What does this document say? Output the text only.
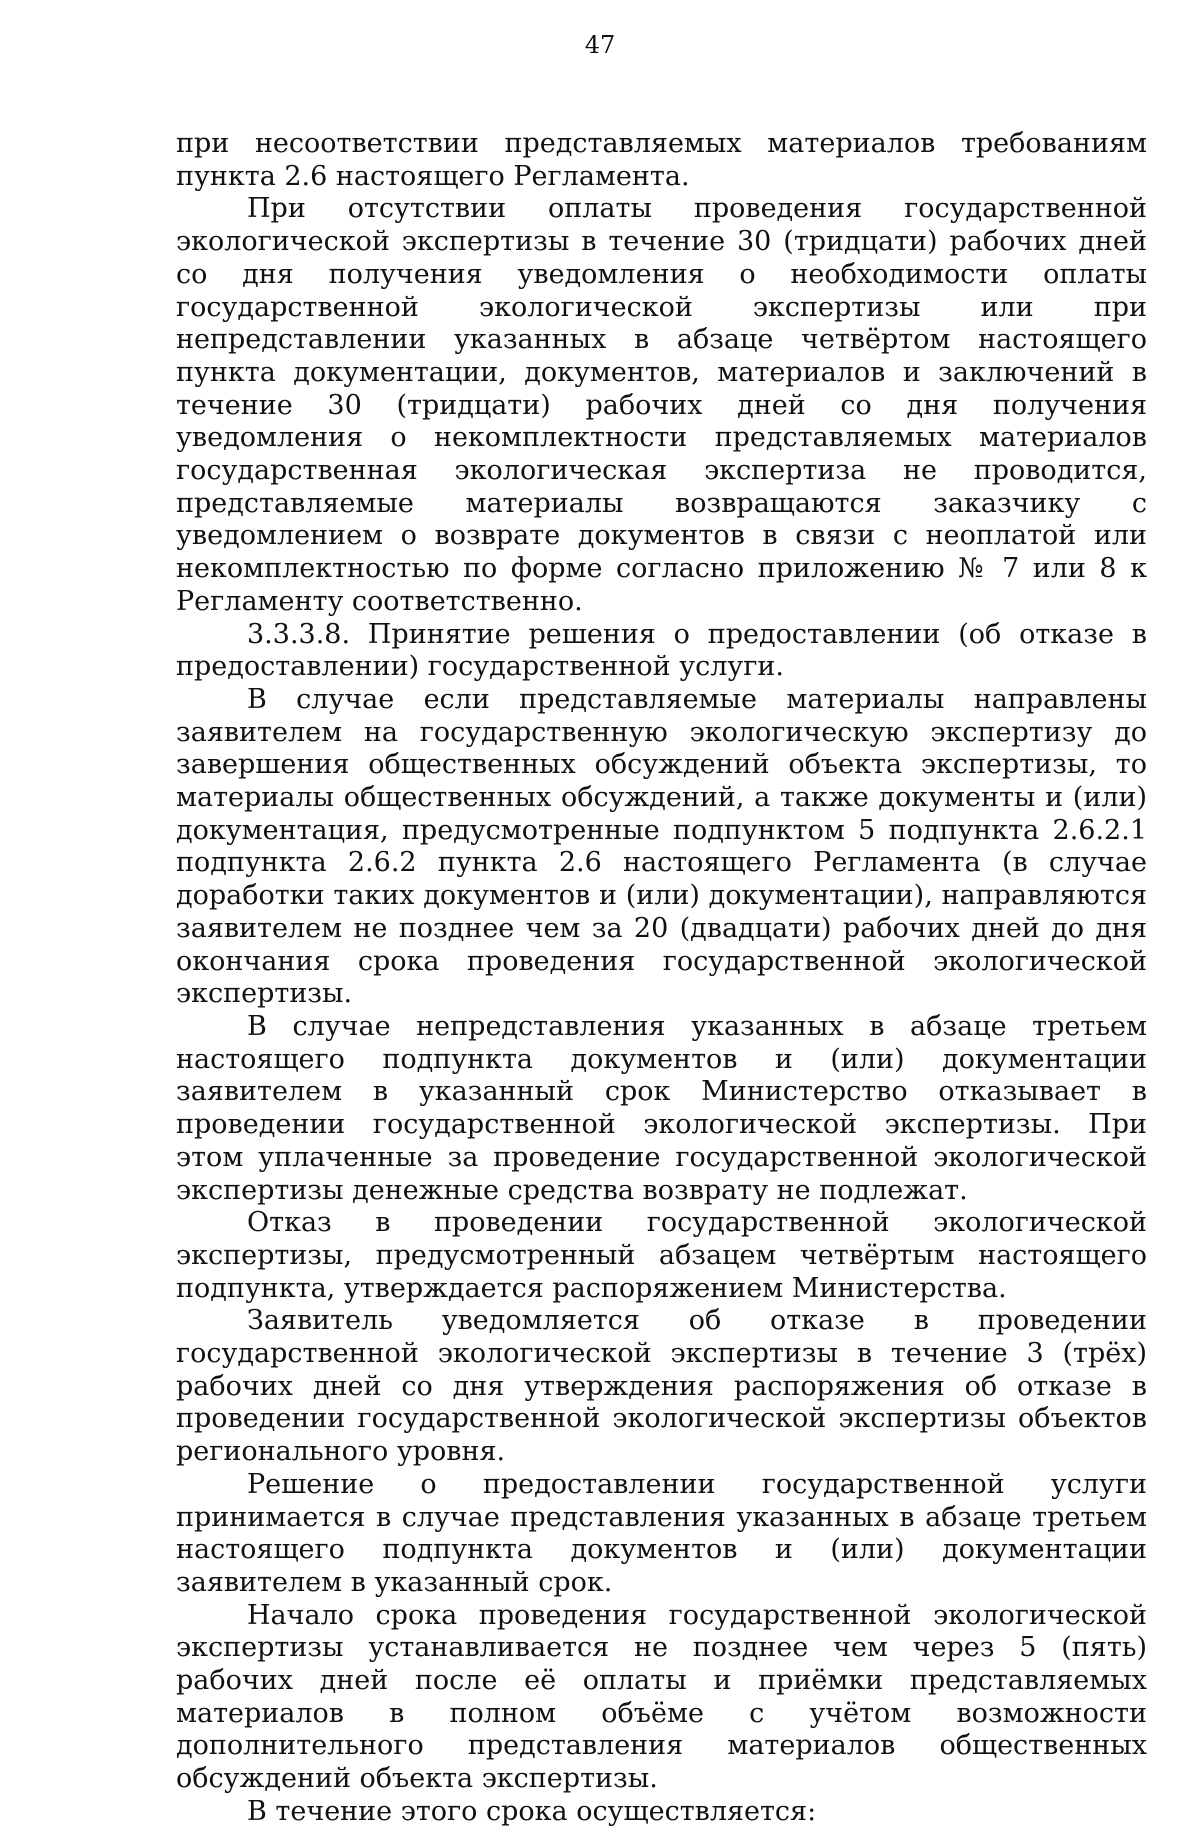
47

при несоответствии представляемых материалов требованиям пункта 2.6 настоящего Регламента.

При отсутствии оплаты проведения государственной экологической экспертизы в течение 30 (тридцати) рабочих дней со дня получения уведомления о необходимости оплаты государственной экологической экспертизы или при непредставлении указанных в абзаце четвёртом настоящего пункта документации, документов, материалов и заключений в течение 30 (тридцати) рабочих дней со дня получения уведомления о некомплектности представляемых материалов государственная экологическая экспертиза не проводится, представляемые материалы возвращаются заказчику с уведомлением о возврате документов в связи с неоплатой или некомплектностью по форме согласно приложению № 7 или 8 к Регламенту соответственно.

3.3.3.8. Принятие решения о предоставлении (об отказе в предоставлении) государственной услуги.

В случае если представляемые материалы направлены заявителем на государственную экологическую экспертизу до завершения общественных обсуждений объекта экспертизы, то материалы общественных обсуждений, а также документы и (или) документация, предусмотренные подпунктом 5 подпункта 2.6.2.1 подпункта 2.6.2 пункта 2.6 настоящего Регламента (в случае доработки таких документов и (или) документации), направляются заявителем не позднее чем за 20 (двадцати) рабочих дней до дня окончания срока проведения государственной экологической экспертизы.

В случае непредставления указанных в абзаце третьем настоящего подпункта документов и (или) документации заявителем в указанный срок Министерство отказывает в проведении государственной экологической экспертизы. При этом уплаченные за проведение государственной экологической экспертизы денежные средства возврату не подлежат.

Отказ в проведении государственной экологической экспертизы, предусмотренный абзацем четвёртым настоящего подпункта, утверждается распоряжением Министерства.

Заявитель уведомляется об отказе в проведении государственной экологической экспертизы в течение 3 (трёх) рабочих дней со дня утверждения распоряжения об отказе в проведении государственной экологической экспертизы объектов регионального уровня.

Решение о предоставлении государственной услуги принимается в случае представления указанных в абзаце третьем настоящего подпункта документов и (или) документации заявителем в указанный срок.

Начало срока проведения государственной экологической экспертизы устанавливается не позднее чем через 5 (пять) рабочих дней после её оплаты и приёмки представляемых материалов в полном объёме с учётом возможности дополнительного представления материалов общественных обсуждений объекта экспертизы.

В течение этого срока осуществляется:
